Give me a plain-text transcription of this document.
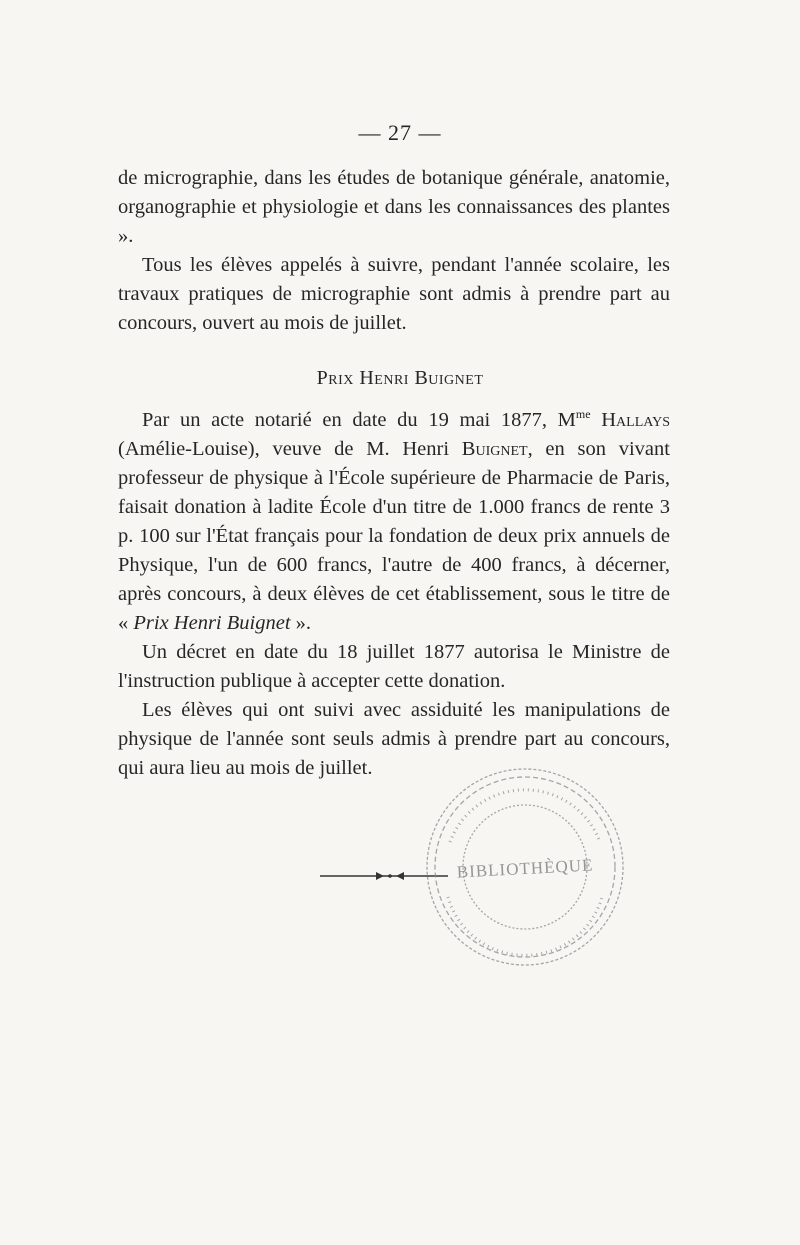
— 27 —

de micrographie, dans les études de botanique générale, anatomie, organographie et physiologie et dans les connaissances des plantes ».

Tous les élèves appelés à suivre, pendant l'année scolaire, les travaux pratiques de micrographie sont admis à prendre part au concours, ouvert au mois de juillet.

Prix Henri Buignet

Par un acte notarié en date du 19 mai 1877, $M^{me}$ Hallays (Amélie-Louise), veuve de M. Henri Buignet, en son vivant professeur de physique à l'École supérieure de Pharmacie de Paris, faisait donation à ladite École d'un titre de 1.000 francs de rente 3 p. 100 sur l'État français pour la fondation de deux prix annuels de Physique, l'un de 600 francs, l'autre de 400 francs, à décerner, après concours, à deux élèves de cet établissement, sous le titre de « Prix Henri Buignet ».

Un décret en date du 18 juillet 1877 autorisa le Ministre de l'instruction publique à accepter cette donation.

Les élèves qui ont suivi avec assiduité les manipulations de physique de l'année sont seuls admis à prendre part au concours, qui aura lieu au mois de juillet.

BIBLIOTHÈQUE
